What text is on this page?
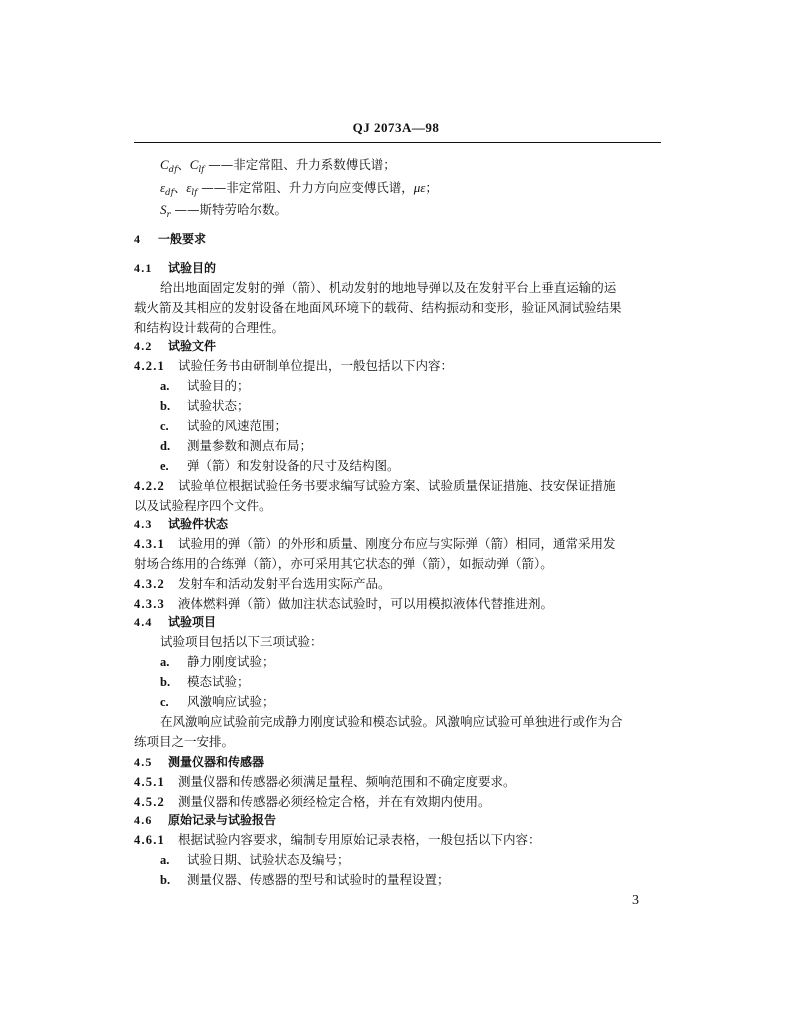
QJ 2073A—98
$C_{df}$、$C_{lf}$ ——非定常阻、升力系数傅氏谱；
$\varepsilon_{df}$、$\varepsilon_{lf}$ ——非定常阻、升力方向应变傅氏谱，με；
$S_r$ ——斯特劳哈尔数。
4 一般要求
4.1 试验目的
给出地面固定发射的弹（箭）、机动发射的地地导弹以及在发射平台上垂直运输的运
载火箭及其相应的发射设备在地面风环境下的载荷、结构振动和变形，验证风洞试验结果
和结构设计载荷的合理性。
4.2 试验文件
4.2.1 试验任务书由研制单位提出，一般包括以下内容：
a. 试验目的；
b. 试验状态；
c. 试验的风速范围；
d. 测量参数和测点布局；
e. 弹（箭）和发射设备的尺寸及结构图。
4.2.2 试验单位根据试验任务书要求编写试验方案、试验质量保证措施、技安保证措施
以及试验程序四个文件。
4.3 试验件状态
4.3.1 试验用的弹（箭）的外形和质量、刚度分布应与实际弹（箭）相同，通常采用发
射场合练用的合练弹（箭），亦可采用其它状态的弹（箭），如振动弹（箭）。
4.3.2 发射车和活动发射平台选用实际产品。
4.3.3 液体燃料弹（箭）做加注状态试验时，可以用模拟液体代替推进剂。
4.4 试验项目
试验项目包括以下三项试验：
a. 静力刚度试验；
b. 模态试验；
c. 风激响应试验；
在风激响应试验前完成静力刚度试验和模态试验。风激响应试验可单独进行或作为合
练项目之一安排。
4.5 测量仪器和传感器
4.5.1 测量仪器和传感器必须满足量程、频响范围和不确定度要求。
4.5.2 测量仪器和传感器必须经检定合格，并在有效期内使用。
4.6 原始记录与试验报告
4.6.1 根据试验内容要求，编制专用原始记录表格，一般包括以下内容：
a. 试验日期、试验状态及编号；
b. 测量仪器、传感器的型号和试验时的量程设置；
3
